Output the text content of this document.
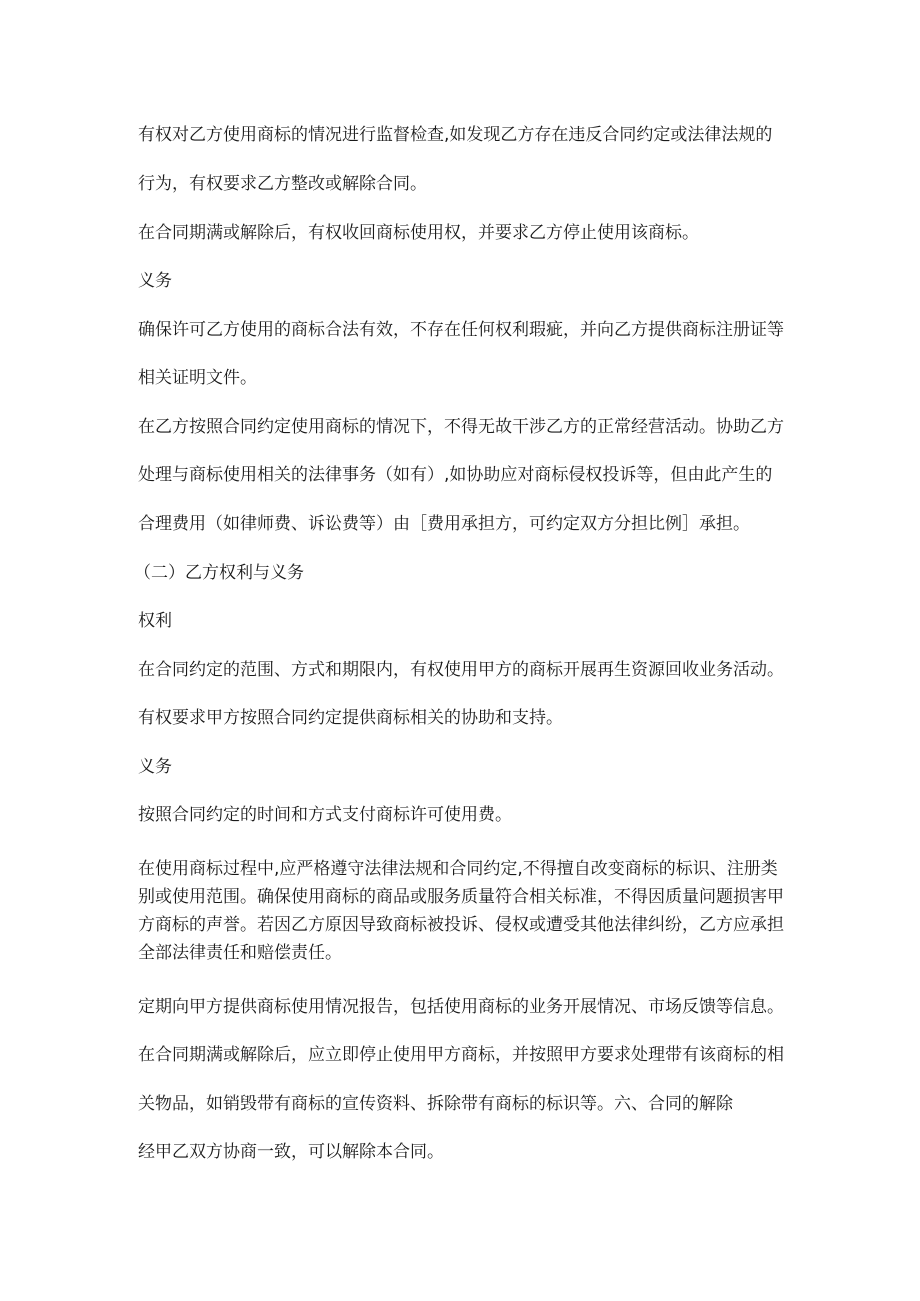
有权对乙方使用商标的情况进行监督检查,如发现乙方存在违反合同约定或法律法规的
行为，有权要求乙方整改或解除合同。
在合同期满或解除后，有权收回商标使用权，并要求乙方停止使用该商标。
义务
确保许可乙方使用的商标合法有效，不存在任何权利瑕疵，并向乙方提供商标注册证等
相关证明文件。
在乙方按照合同约定使用商标的情况下，不得无故干涉乙方的正常经营活动。协助乙方
处理与商标使用相关的法律事务（如有）,如协助应对商标侵权投诉等，但由此产生的
合理费用（如律师费、诉讼费等）由［费用承担方，可约定双方分担比例］承担。
（二）乙方权利与义务
权利
在合同约定的范围、方式和期限内，有权使用甲方的商标开展再生资源回收业务活动。
有权要求甲方按照合同约定提供商标相关的协助和支持。
义务
按照合同约定的时间和方式支付商标许可使用费。
在使用商标过程中,应严格遵守法律法规和合同约定,不得擅自改变商标的标识、注册类
别或使用范围。确保使用商标的商品或服务质量符合相关标准，不得因质量问题损害甲
方商标的声誉。若因乙方原因导致商标被投诉、侵权或遭受其他法律纠纷，乙方应承担
全部法律责任和赔偿责任。
定期向甲方提供商标使用情况报告，包括使用商标的业务开展情况、市场反馈等信息。
在合同期满或解除后，应立即停止使用甲方商标，并按照甲方要求处理带有该商标的相
关物品，如销毁带有商标的宣传资料、拆除带有商标的标识等。六、合同的解除
经甲乙双方协商一致，可以解除本合同。
